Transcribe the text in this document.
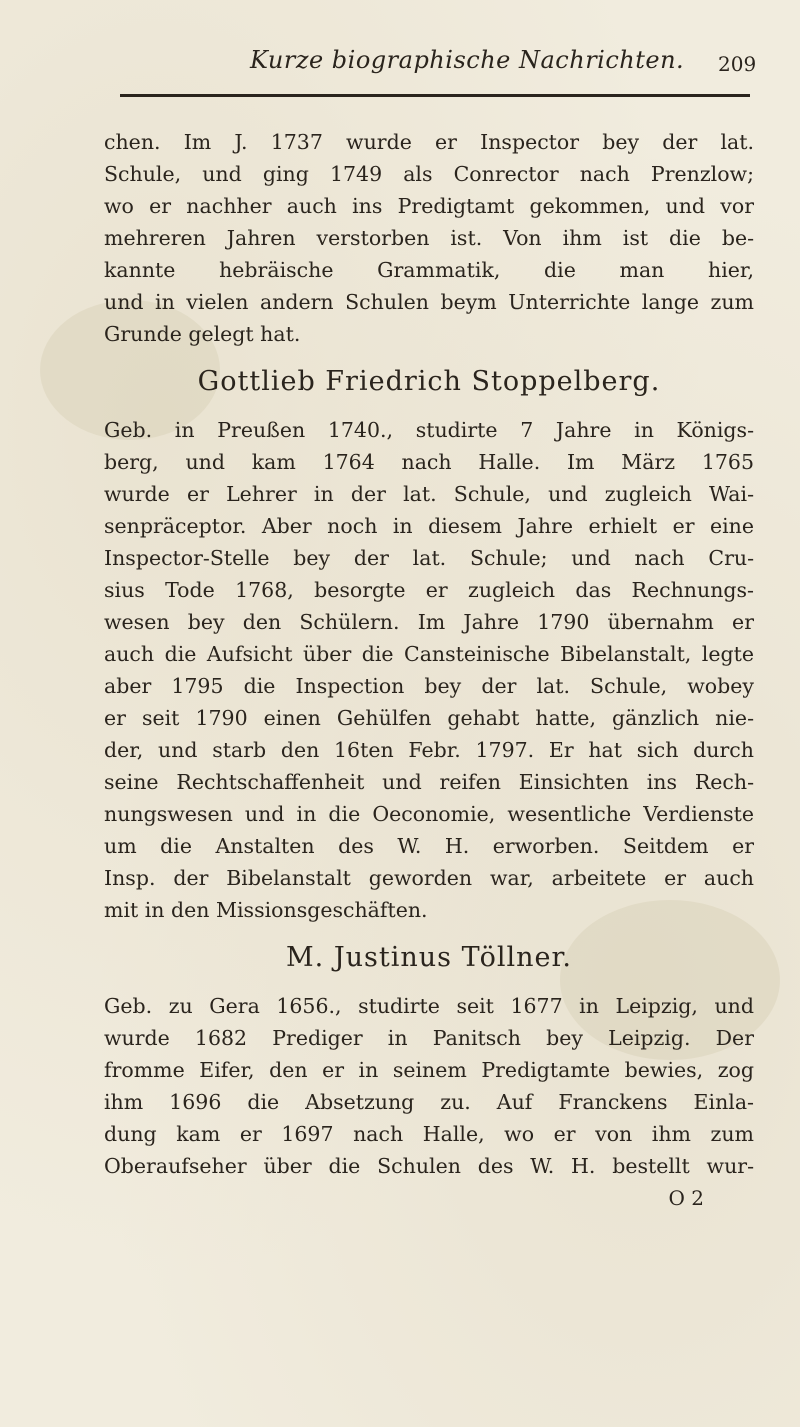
Kurze biographische Nachrichten. 209
chen. Im J. 1737 wurde er Inspector bey der lat.
Schule, und ging 1749 als Conrector nach Prenzlow;
wo er nachher auch ins Predigtamt gekommen, und vor
mehreren Jahren verstorben ist. Von ihm ist die be-
kannte hebräische Grammatik, die man hier,
und in vielen andern Schulen beym Unterrichte lange zum
Grunde gelegt hat.
Gottlieb Friedrich Stoppelberg.
Geb. in Preußen 1740., studirte 7 Jahre in Königs-
berg, und kam 1764 nach Halle. Im März 1765
wurde er Lehrer in der lat. Schule, und zugleich Wai-
senpräceptor. Aber noch in diesem Jahre erhielt er eine
Inspector-Stelle bey der lat. Schule; und nach Cru-
sius Tode 1768, besorgte er zugleich das Rechnungs-
wesen bey den Schülern. Im Jahre 1790 übernahm er
auch die Aufsicht über die Cansteinische Bibelanstalt, legte
aber 1795 die Inspection bey der lat. Schule, wobey
er seit 1790 einen Gehülfen gehabt hatte, gänzlich nie-
der, und starb den 16ten Febr. 1797. Er hat sich durch
seine Rechtschaffenheit und reifen Einsichten ins Rech-
nungswesen und in die Oeconomie, wesentliche Verdienste
um die Anstalten des W. H. erworben. Seitdem er
Insp. der Bibelanstalt geworden war, arbeitete er auch
mit in den Missionsgeschäften.
M. Justinus Töllner.
Geb. zu Gera 1656., studirte seit 1677 in Leipzig, und
wurde 1682 Prediger in Panitsch bey Leipzig. Der
fromme Eifer, den er in seinem Predigtamte bewies, zog
ihm 1696 die Absetzung zu. Auf Franckens Einla-
dung kam er 1697 nach Halle, wo er von ihm zum
Oberaufseher über die Schulen des W. H. bestellt wur-
O 2
